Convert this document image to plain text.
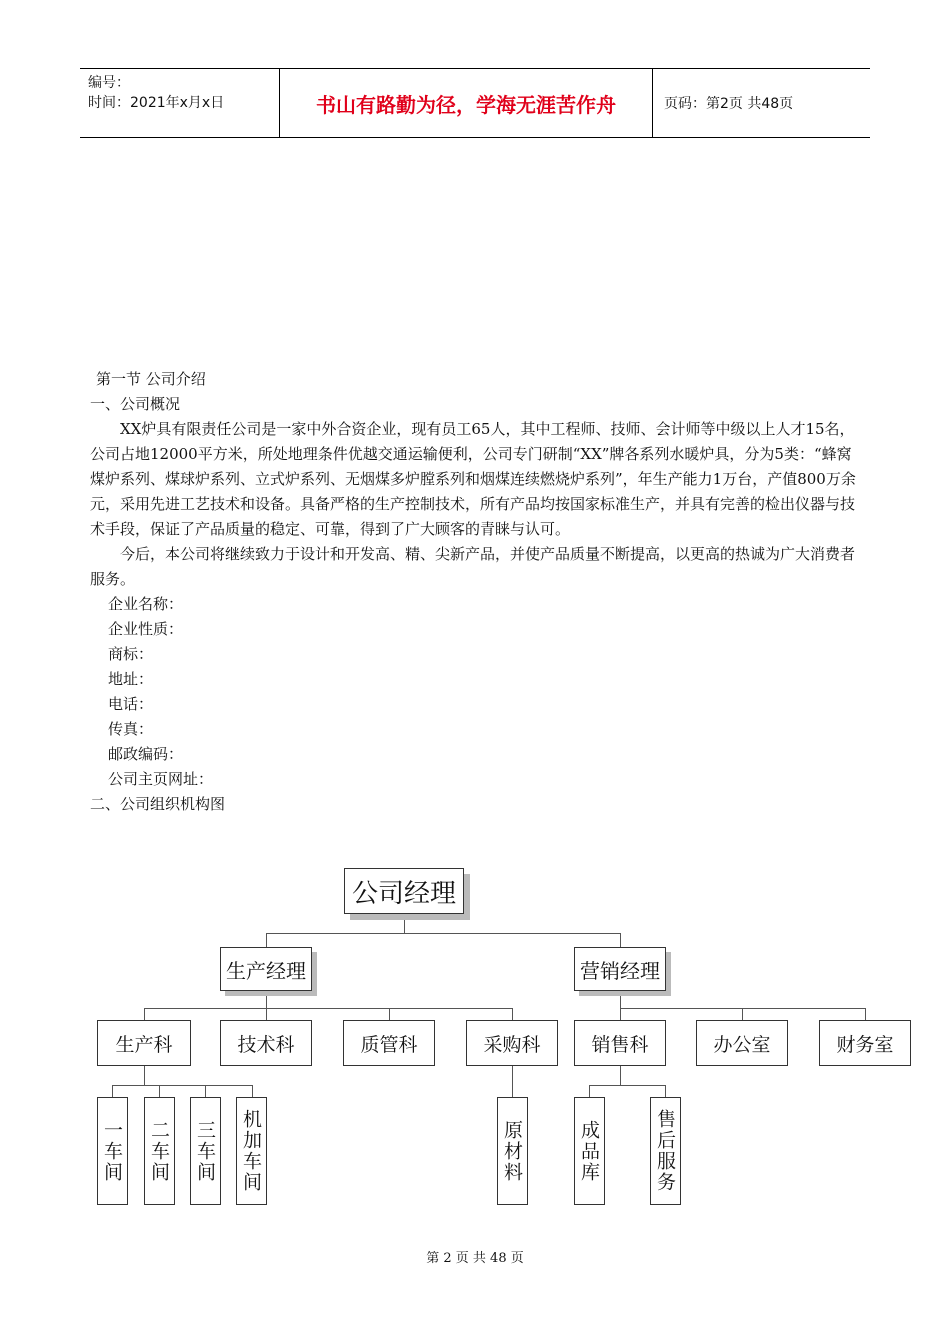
编号：
时间：2021年x月x日	书山有路勤为径，学海无涯苦作舟	页码：第2页 共48页

第一节 公司介绍

一、公司概况

XX炉具有限责任公司是一家中外合资企业，现有员工65人，其中工程师、技师、会计师等中级以上人才15名，公司占地12000平方米，所处地理条件优越交通运输便利，公司专门研制“XX”牌各系列水暖炉具，分为5类：“蜂窝煤炉系列、煤球炉系列、立式炉系列、无烟煤多炉膛系列和烟煤连续燃烧炉系列”，年生产能力1万台，产值800万余元，采用先进工艺技术和设备。具备严格的生产控制技术，所有产品均按国家标准生产，并具有完善的检出仪器与技术手段，保证了产品质量的稳定、可靠，得到了广大顾客的青睐与认可。

今后，本公司将继续致力于设计和开发高、精、尖新产品，并使产品质量不断提高，以更高的热诚为广大消费者服务。

企业名称：

企业性质：

商标：

地址：

电话：

传真：

邮政编码：

公司主页网址：

二、公司组织机构图

公司经理
生产经理	营销经理
生产科	技术科	质管科	采购科	销售科	办公室	财务室
一车间 二车间 三车间 机加车间	原材料	成品库	售后服务
第 2 页 共 48 页
